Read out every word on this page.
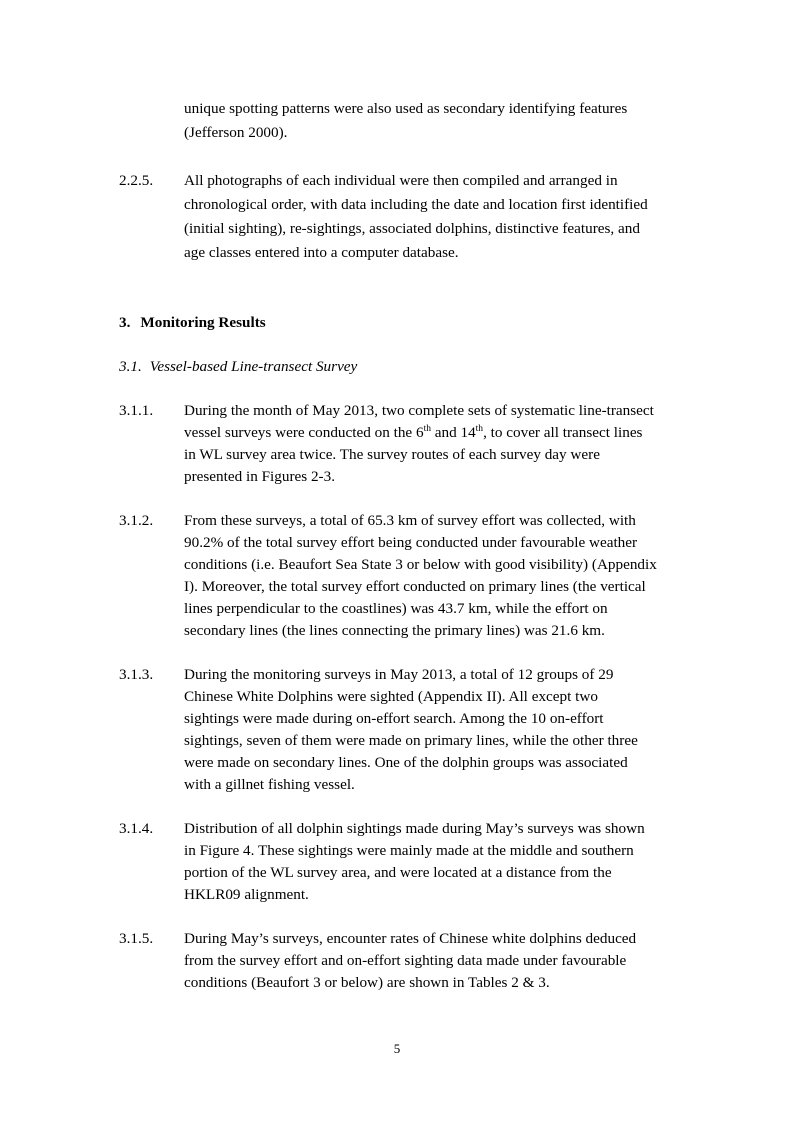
unique spotting patterns were also used as secondary identifying features
(Jefferson 2000).
2.2.5. All photographs of each individual were then compiled and arranged in
chronological order, with data including the date and location first identified
(initial sighting), re-sightings, associated dolphins, distinctive features, and
age classes entered into a computer database.
3. Monitoring Results
3.1. Vessel-based Line-transect Survey
3.1.1. During the month of May 2013, two complete sets of systematic line-transect
vessel surveys were conducted on the 6th and 14th, to cover all transect lines
in WL survey area twice. The survey routes of each survey day were
presented in Figures 2-3.
3.1.2. From these surveys, a total of 65.3 km of survey effort was collected, with
90.2% of the total survey effort being conducted under favourable weather
conditions (i.e. Beaufort Sea State 3 or below with good visibility) (Appendix
I). Moreover, the total survey effort conducted on primary lines (the vertical
lines perpendicular to the coastlines) was 43.7 km, while the effort on
secondary lines (the lines connecting the primary lines) was 21.6 km.
3.1.3. During the monitoring surveys in May 2013, a total of 12 groups of 29
Chinese White Dolphins were sighted (Appendix II). All except two
sightings were made during on-effort search. Among the 10 on-effort
sightings, seven of them were made on primary lines, while the other three
were made on secondary lines. One of the dolphin groups was associated
with a gillnet fishing vessel.
3.1.4. Distribution of all dolphin sightings made during May’s surveys was shown
in Figure 4. These sightings were mainly made at the middle and southern
portion of the WL survey area, and were located at a distance from the
HKLR09 alignment.
3.1.5. During May’s surveys, encounter rates of Chinese white dolphins deduced
from the survey effort and on-effort sighting data made under favourable
conditions (Beaufort 3 or below) are shown in Tables 2 & 3.
5
